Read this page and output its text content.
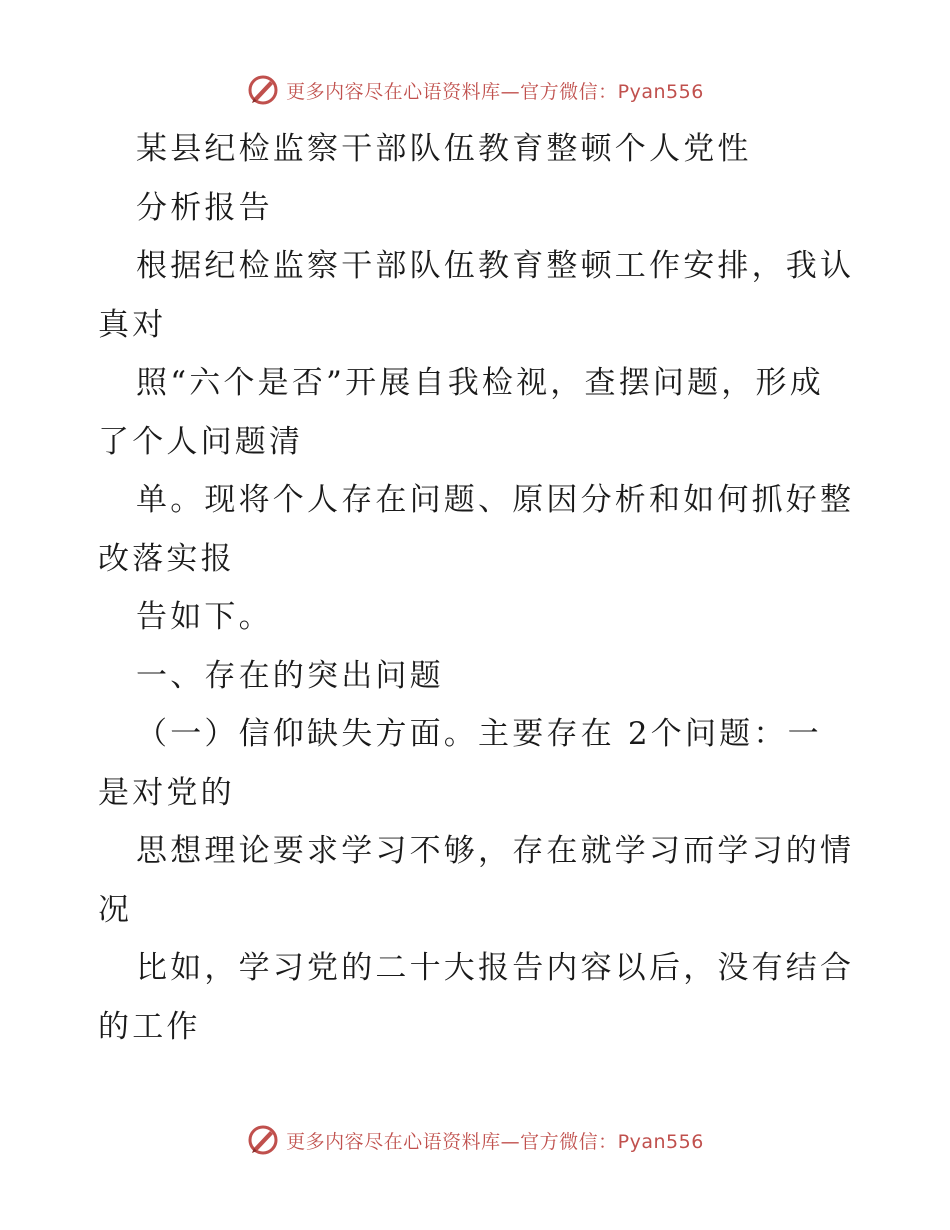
更多内容尽在心语资料库—官方微信：Pyan556
某县纪检监察干部队伍教育整顿个人党性
分析报告
根据纪检监察干部队伍教育整顿工作安排，我认
真对
照“六个是否”开展自我检视，查摆问题，形成
了个人问题清
单。现将个人存在问题、原因分析和如何抓好整
改落实报
告如下。
一、存在的突出问题
（一）信仰缺失方面。主要存在 2个问题：一
是对党的
思想理论要求学习不够，存在就学习而学习的情
况
比如，学习党的二十大报告内容以后，没有结合
的工作
更多内容尽在心语资料库—官方微信：Pyan556
